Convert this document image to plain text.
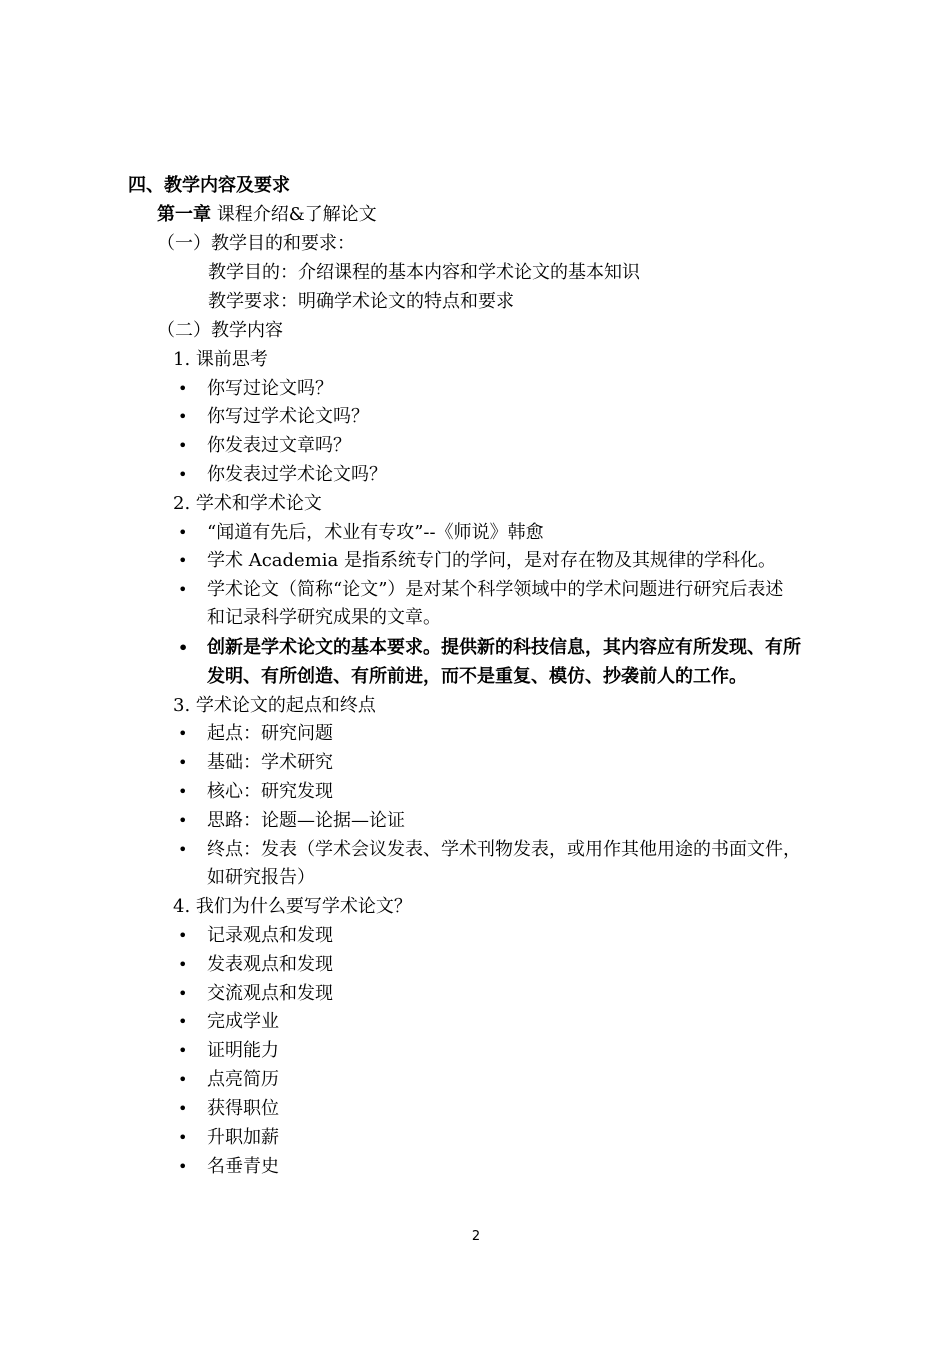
四、教学内容及要求
第一章 课程介绍&了解论文
（一）教学目的和要求：
教学目的：介绍课程的基本内容和学术论文的基本知识
教学要求：明确学术论文的特点和要求
（二）教学内容
1. 课前思考
• 你写过论文吗？
• 你写过学术论文吗？
• 你发表过文章吗？
• 你发表过学术论文吗？
2. 学术和学术论文
• “闻道有先后，术业有专攻”--《师说》韩愈
• 学术 Academia 是指系统专门的学问，是对存在物及其规律的学科化。
• 学术论文（简称“论文”）是对某个科学领域中的学术问题进行研究后表述
和记录科学研究成果的文章。
• 创新是学术论文的基本要求。提供新的科技信息，其内容应有所发现、有所
发明、有所创造、有所前进，而不是重复、模仿、抄袭前人的工作。
3. 学术论文的起点和终点
• 起点：研究问题
• 基础：学术研究
• 核心：研究发现
• 思路：论题—论据—论证
• 终点：发表（学术会议发表、学术刊物发表，或用作其他用途的书面文件，
如研究报告）
4. 我们为什么要写学术论文？
• 记录观点和发现
• 发表观点和发现
• 交流观点和发现
• 完成学业
• 证明能力
• 点亮简历
• 获得职位
• 升职加薪
• 名垂青史
2
